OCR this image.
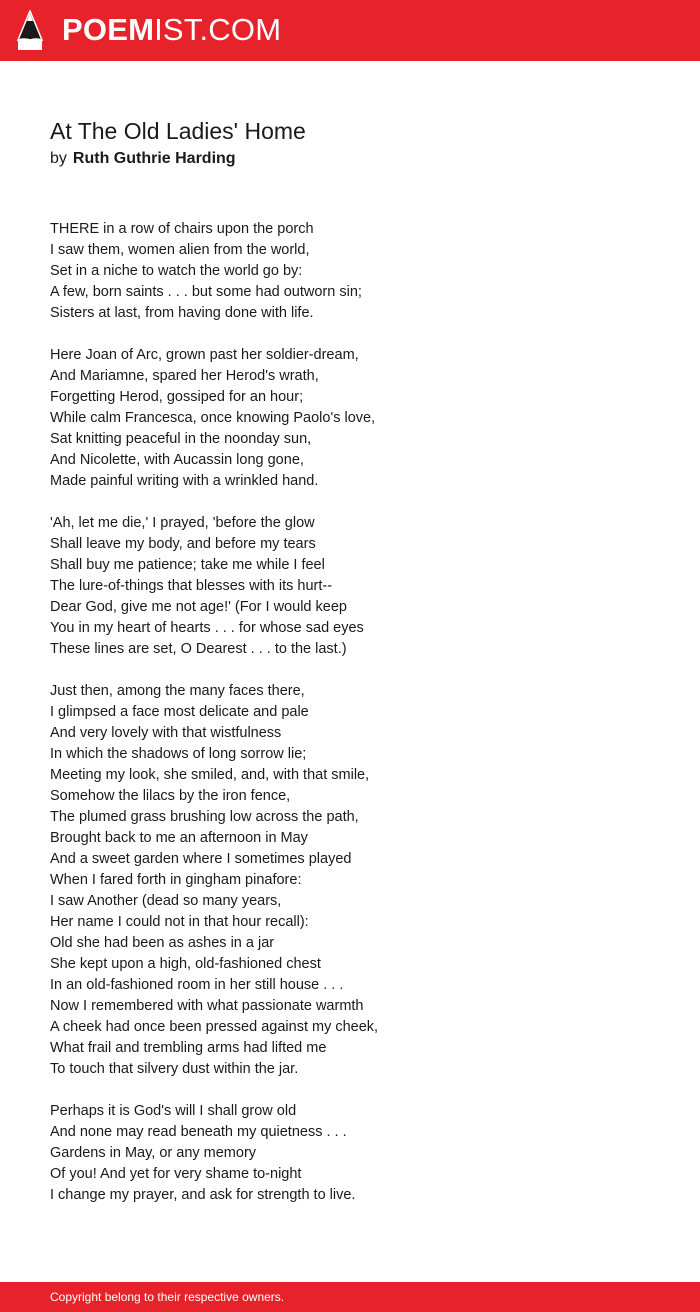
POEMIST.COM
At The Old Ladies' Home
by Ruth Guthrie Harding
THERE in a row of chairs upon the porch
I saw them, women alien from the world,
Set in a niche to watch the world go by:
A few, born saints . . . but some had outworn sin;
Sisters at last, from having done with life.
Here Joan of Arc, grown past her soldier-dream,
And Mariamne, spared her Herod's wrath,
Forgetting Herod, gossiped for an hour;
While calm Francesca, once knowing Paolo's love,
Sat knitting peaceful in the noonday sun,
And Nicolette, with Aucassin long gone,
Made painful writing with a wrinkled hand.
'Ah, let me die,' I prayed, 'before the glow
Shall leave my body, and before my tears
Shall buy me patience; take me while I feel
The lure-of-things that blesses with its hurt--
Dear God, give me not age!' (For I would keep
You in my heart of hearts . . . for whose sad eyes
These lines are set, O Dearest . . . to the last.)
Just then, among the many faces there,
I glimpsed a face most delicate and pale
And very lovely with that wistfulness
In which the shadows of long sorrow lie;
Meeting my look, she smiled, and, with that smile,
Somehow the lilacs by the iron fence,
The plumed grass brushing low across the path,
Brought back to me an afternoon in May
And a sweet garden where I sometimes played
When I fared forth in gingham pinafore:
I saw Another (dead so many years,
Her name I could not in that hour recall):
Old she had been as ashes in a jar
She kept upon a high, old-fashioned chest
In an old-fashioned room in her still house . . .
Now I remembered with what passionate warmth
A cheek had once been pressed against my cheek,
What frail and trembling arms had lifted me
To touch that silvery dust within the jar.
Perhaps it is God's will I shall grow old
And none may read beneath my quietness . . .
Gardens in May, or any memory
Of you! And yet for very shame to-night
I change my prayer, and ask for strength to live.
Copyright belong to their respective owners.
